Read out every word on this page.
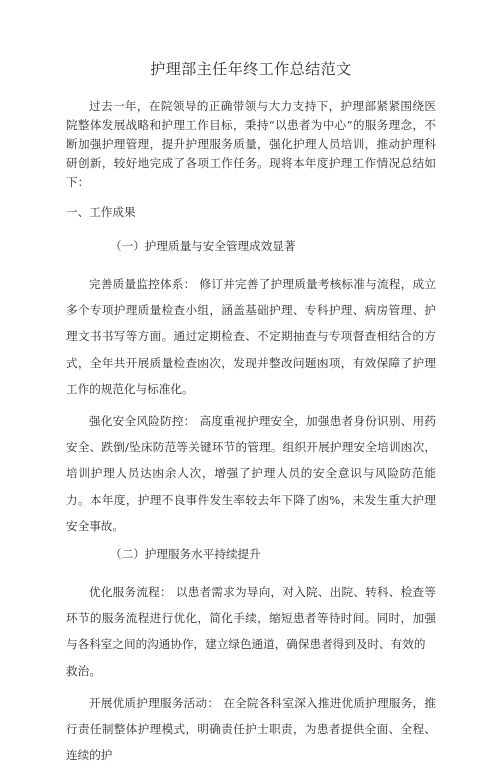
护理部主任年终工作总结范文

过去一年，在院领导的正确带领与大力支持下，护理部紧紧围绕医院整体发展战略和护理工作目标，秉持“以患者为中心”的服务理念，不断加强护理管理，提升护理服务质量，强化护理人员培训，推动护理科研创新，较好地完成了各项工作任务。现将本年度护理工作情况总结如下：

一、工作成果
（一）护理质量与安全管理成效显著

完善质量监控体系： 修订并完善了护理质量考核标准与流程，成立多个专项护理质量检查小组，涵盖基础护理、专科护理、病房管理、护理文书书写等方面。通过定期检查、不定期抽查与专项督查相结合的方式，全年共开展质量检查凼次，发现并整改问题凼项，有效保障了护理工作的规范化与标准化。

强化安全风险防控： 高度重视护理安全，加强患者身份识别、用药安全、跌倒/坠床防范等关键环节的管理。组织开展护理安全培训凼次，培训护理人员达凼余人次，增强了护理人员的安全意识与风险防范能力。本年度，护理不良事件发生率较去年下降了凼%，未发生重大护理安全事故。

（二）护理服务水平持续提升

优化服务流程： 以患者需求为导向，对入院、出院、转科、检查等环节的服务流程进行优化，简化手续，缩短患者等待时间。同时，加强与各科室之间的沟通协作，建立绿色通道，确保患者得到及时、有效的

救治。

开展优质护理服务活动： 在全院各科室深入推进优质护理服务，推行责任制整体护理模式，明确责任护士职责，为患者提供全面、全程、连续的护
